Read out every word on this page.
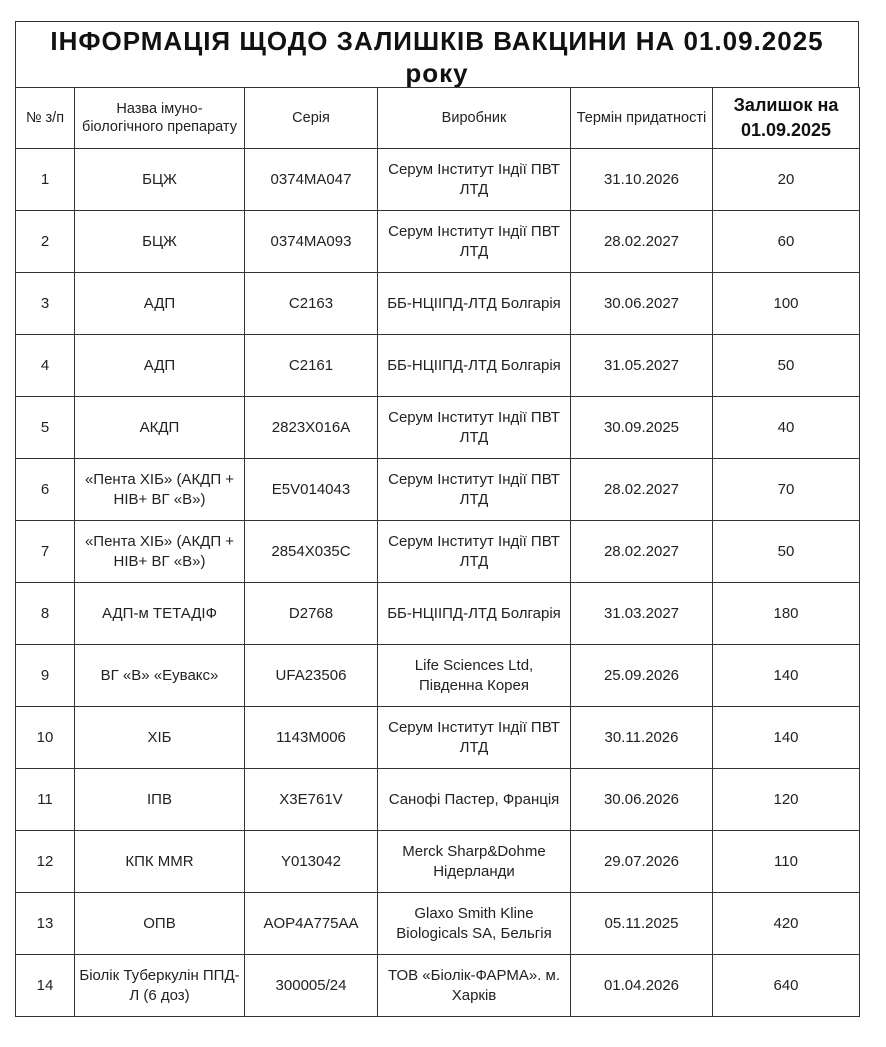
ІНФОРМАЦІЯ ЩОДО ЗАЛИШКІВ ВАКЦИНИ НА 01.09.2025 року
№ з/п	Назва імуно-біологічного препарату	Серія	Виробник	Термін придатності	Залишок на 01.09.2025
1	БЦЖ	0374МА047	Серум Інститут Індії ПВТ ЛТД	31.10.2026	20
2	БЦЖ	0374МА093	Серум Інститут Індії ПВТ ЛТД	28.02.2027	60
3	АДП	С2163	ББ-НЦІІПД-ЛТД Болгарія	30.06.2027	100
4	АДП	С2161	ББ-НЦІІПД-ЛТД Болгарія	31.05.2027	50
5	АКДП	2823Х016А	Серум Інститут Індії ПВТ ЛТД	30.09.2025	40
6	«Пента ХІБ» (АКДП + НІВ+ ВГ «В»)	E5V014043	Серум Інститут Індії ПВТ ЛТД	28.02.2027	70
7	«Пента ХІБ» (АКДП + НІВ+ ВГ «В»)	2854Х035С	Серум Інститут Індії ПВТ ЛТД	28.02.2027	50
8	АДП-м ТЕТАДІФ	D2768	ББ-НЦІІПД-ЛТД Болгарія	31.03.2027	180
9	ВГ «В» «Еувакс»	UFA23506	Life Sciences Ltd, Південна Корея	25.09.2026	140
10	ХІБ	1143М006	Серум Інститут Індії ПВТ ЛТД	30.11.2026	140
11	ІПВ	X3E761V	Санофі Пастер, Франція	30.06.2026	120
12	КПК MMR	Y013042	Merck Sharp&Dohme Нідерланди	29.07.2026	110
13	ОПВ	AOP4A775AA	Glaxo Smith Kline Biologicals SA, Бельгія	05.11.2025	420
14	Біолік Туберкулін ППД-Л (6 доз)	300005/24	ТОВ «Біолік-ФАРМА». м. Харків	01.04.2026	640
